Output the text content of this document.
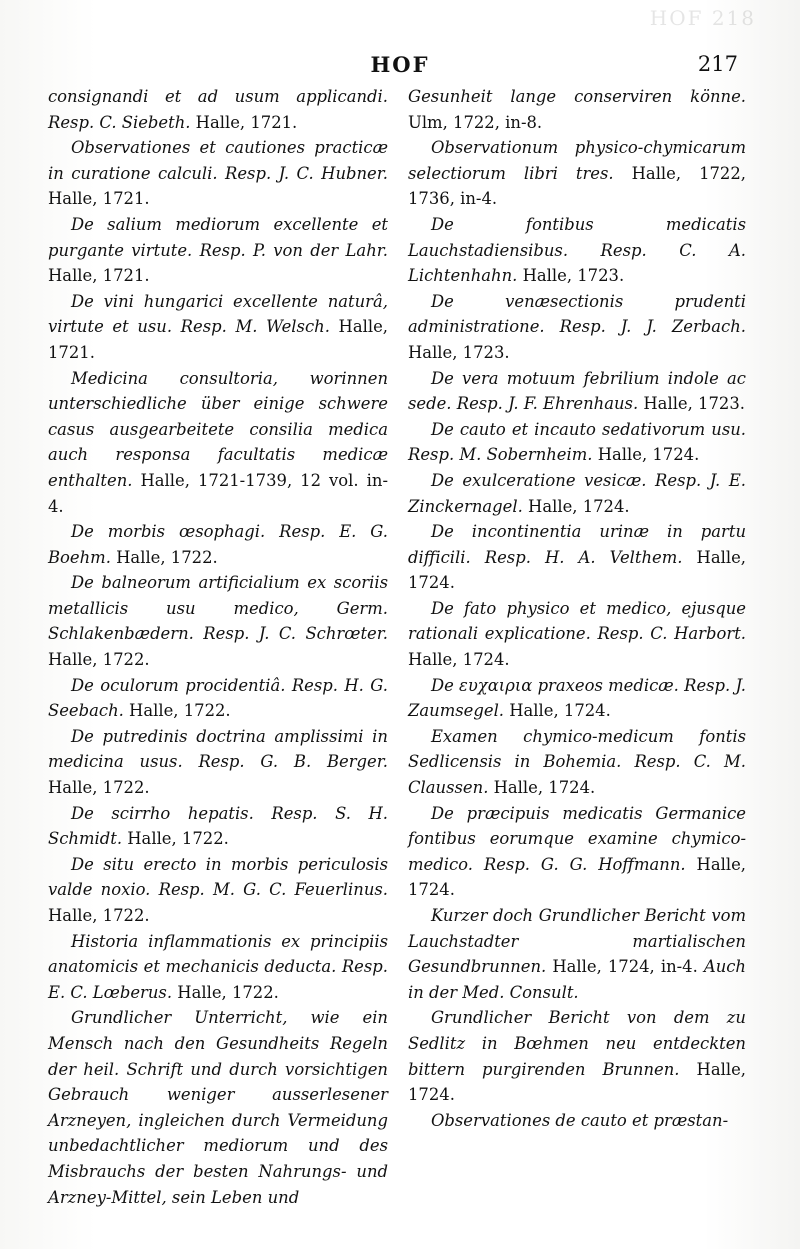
HOF 218
HOF	217
consignandi et ad usum applicandi. Resp. C. Siebeth. Halle, 1721.
Observationes et cautiones practicæ in curatione calculi. Resp. J. C. Hubner. Halle, 1721.
De salium mediorum excellente et purgante virtute. Resp. P. von der Lahr. Halle, 1721.
De vini hungarici excellente naturâ, virtute et usu. Resp. M. Welsch. Halle, 1721.
Medicina consultoria, worinnen unterschiedliche über einige schwere casus ausgearbeitete consilia medica auch responsa facultatis medicæ enthalten. Halle, 1721-1739, 12 vol. in-4.
De morbis œsophagi. Resp. E. G. Boehm. Halle, 1722.
De balneorum artificialium ex scoriis metallicis usu medico, Germ. Schlakenbædern. Resp. J. C. Schrœter. Halle, 1722.
De oculorum procidentiâ. Resp. H. G. Seebach. Halle, 1722.
De putredinis doctrina amplissimi in medicina usus. Resp. G. B. Berger. Halle, 1722.
De scirrho hepatis. Resp. S. H. Schmidt. Halle, 1722.
De situ erecto in morbis periculosis valde noxio. Resp. M. G. C. Feuerlinus. Halle, 1722.
Historia inflammationis ex principiis anatomicis et mechanicis deducta. Resp. E. C. Lœberus. Halle, 1722.
Grundlicher Unterricht, wie ein Mensch nach den Gesundheits Regeln der heil. Schrift und durch vorsichtigen Gebrauch weniger ausserlesener Arzneyen, ingleichen durch Vermeidung unbedachtlicher mediorum und des Misbrauchs der besten Nahrungs- und Arzney-Mittel, sein Leben und
Gesunheit lange conserviren könne. Ulm, 1722, in-8.
Observationum physico-chymicarum selectiorum libri tres. Halle, 1722, 1736, in-4.
De fontibus medicatis Lauchstadiensibus. Resp. C. A. Lichtenhahn. Halle, 1723.
De venæsectionis prudenti administratione. Resp. J. J. Zerbach. Halle, 1723.
De vera motuum febrilium indole ac sede. Resp. J. F. Ehrenhaus. Halle, 1723.
De cauto et incauto sedativorum usu. Resp. M. Sobernheim. Halle, 1724.
De exulceratione vesicæ. Resp. J. E. Zinckernagel. Halle, 1724.
De incontinentia urinæ in partu difficili. Resp. H. A. Velthem. Halle, 1724.
De fato physico et medico, ejusque rationali explicatione. Resp. C. Harbort. Halle, 1724.
De ευχαιρια praxeos medicæ. Resp. J. Zaumsegel. Halle, 1724.
Examen chymico-medicum fontis Sedlicensis in Bohemia. Resp. C. M. Claussen. Halle, 1724.
De præcipuis medicatis Germanice fontibus eorumque examine chymico-medico. Resp. G. G. Hoffmann. Halle, 1724.
Kurzer doch Grundlicher Bericht vom Lauchstadter martialischen Gesundbrunnen. Halle, 1724, in-4. Auch in der Med. Consult.
Grundlicher Bericht von dem zu Sedlitz in Bœhmen neu entdeckten bittern purgirenden Brunnen. Halle, 1724.
Observationes de cauto et præstan-
